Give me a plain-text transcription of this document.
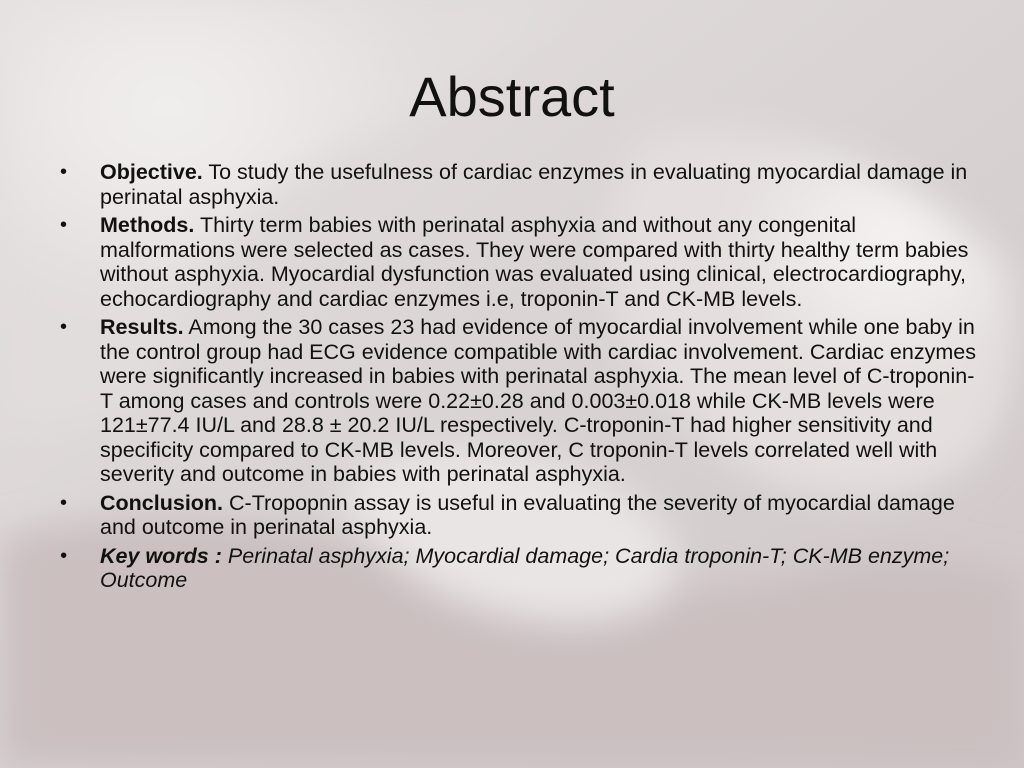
Abstract
•	Objective. To study the usefulness of cardiac enzymes in evaluating myocardial damage in perinatal asphyxia.
•	Methods. Thirty term babies with perinatal asphyxia and without any congenital malformations were selected as cases. They were compared with thirty healthy term babies without asphyxia. Myocardial dysfunction was evaluated using clinical, electrocardiography, echocardiography and cardiac enzymes i.e, troponin-T and CK-MB levels.
•	Results. Among the 30 cases 23 had evidence of myocardial involvement while one baby in the control group had ECG evidence compatible with cardiac involvement. Cardiac enzymes were significantly increased in babies with perinatal asphyxia. The mean level of C-troponin-T among cases and controls were 0.22±0.28 and 0.003±0.018 while CK-MB levels were 121±77.4 IU/L and 28.8 ± 20.2 IU/L respectively. C-troponin-T had higher sensitivity and specificity compared to CK-MB levels. Moreover, C troponin-T levels correlated well with severity and outcome in babies with perinatal asphyxia.
•	Conclusion. C-Tropopnin assay is useful in evaluating the severity of myocardial damage and outcome in perinatal asphyxia.
•	Key words : Perinatal asphyxia; Myocardial damage; Cardia troponin-T; CK-MB enzyme; Outcome
